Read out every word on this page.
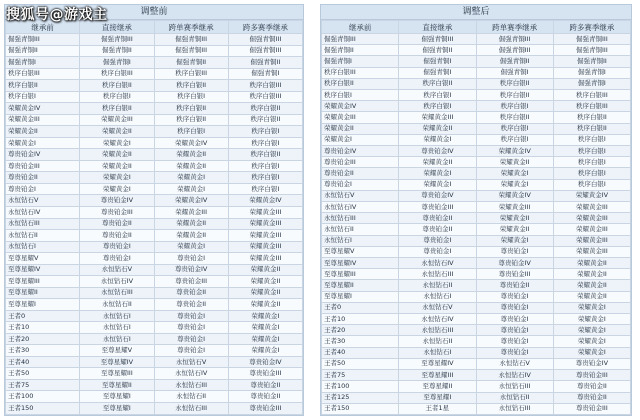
搜狐号@游戏主	调整前
继承前	直接继承	跨单赛季继承	跨多赛季继承
倔强青铜III	倔强青铜III	倔强青铜III	倔强青铜III
倔强青铜II	倔强青铜II	倔强青铜III	倔强青铜III
倔强青铜I	倔强青铜I	倔强青铜II	倔强青铜II
秩序白银III	秩序白银III	秩序白银III	倔强青铜I
秩序白银II	秩序白银II	秩序白银II	秩序白银III
秩序白银I	秩序白银I	秩序白银I	秩序白银III
荣耀黄金IV	秩序白银II	秩序白银II	秩序白银II
荣耀黄金III	荣耀黄金III	秩序白银II	秩序白银II
荣耀黄金II	荣耀黄金II	秩序白银I	秩序白银I
荣耀黄金I	荣耀黄金I	荣耀黄金IV	秩序白银I
尊贵铂金IV	荣耀黄金II	荣耀黄金II	秩序白银II
尊贵铂金III	荣耀黄金II	荣耀黄金II	秩序白银I
尊贵铂金II	荣耀黄金I	荣耀黄金I	秩序白银I
尊贵铂金I	荣耀黄金I	荣耀黄金I	秩序白银I
永恒钻石V	尊贵铂金IV	荣耀黄金IV	荣耀黄金IV
永恒钻石IV	尊贵铂金III	荣耀黄金III	荣耀黄金III
永恒钻石III	尊贵铂金II	荣耀黄金II	荣耀黄金III
永恒钻石II	尊贵铂金II	荣耀黄金II	荣耀黄金III
永恒钻石I	尊贵铂金I	荣耀黄金I	荣耀黄金III
至尊星耀V	尊贵铂金I	尊贵铂金I	荣耀黄金III
至尊星耀IV	永恒钻石V	尊贵铂金IV	荣耀黄金II
至尊星耀III	永恒钻石IV	尊贵铂金III	荣耀黄金II
至尊星耀II	永恒钻石III	尊贵铂金II	荣耀黄金II
至尊星耀I	永恒钻石II	尊贵铂金II	荣耀黄金II
王者0	永恒钻石I	尊贵铂金I	荣耀黄金I
王者10	永恒钻石I	尊贵铂金I	荣耀黄金I
王者20	永恒钻石I	尊贵铂金I	荣耀黄金I
王者30	至尊星耀V	尊贵铂金I	荣耀黄金I
王者40	至尊星耀IV	永恒钻石V	尊贵铂金IV
王者50	至尊星耀III	永恒钻石IV	尊贵铂金III
王者75	至尊星耀II	永恒钻石III	尊贵铂金II
王者100	至尊星耀I	永恒钻石II	尊贵铂金II
王者150	至尊星耀I	永恒钻石III	尊贵铂金III
调整后
继承前	直接继承	跨单赛季继承	跨多赛季继承
倔强青铜III	倔强青铜III	倔强青铜III	倔强青铜III
倔强青铜II	倔强青铜II	倔强青铜III	倔强青铜III
倔强青铜I	倔强青铜I	倔强青铜II	倔强青铜II
秩序白银III	倔强青铜I	倔强青铜I	倔强青铜I
秩序白银II	秩序白银II	秩序白银II	倔强青铜I
秩序白银I	秩序白银I	秩序白银II	秩序白银III
荣耀黄金IV	秩序白银I	秩序白银I	秩序白银III
荣耀黄金III	荣耀黄金III	秩序白银II	秩序白银II
荣耀黄金II	荣耀黄金II	秩序白银I	秩序白银II
荣耀黄金I	荣耀黄金I	秩序白银I	秩序白银I
尊贵铂金IV	尊贵铂金IV	荣耀黄金IV	秩序白银I
尊贵铂金III	荣耀黄金II	荣耀黄金II	秩序白银I
尊贵铂金II	荣耀黄金I	荣耀黄金I	秩序白银I
尊贵铂金I	荣耀黄金I	荣耀黄金I	秩序白银I
永恒钻石V	尊贵铂金IV	荣耀黄金IV	荣耀黄金IV
永恒钻石IV	尊贵铂金III	荣耀黄金III	荣耀黄金III
永恒钻石III	尊贵铂金II	荣耀黄金II	荣耀黄金III
永恒钻石II	尊贵铂金II	荣耀黄金II	荣耀黄金III
永恒钻石I	尊贵铂金I	荣耀黄金I	荣耀黄金III
至尊星耀V	尊贵铂金I	尊贵铂金I	荣耀黄金III
至尊星耀IV	永恒钻石IV	尊贵铂金IV	荣耀黄金II
至尊星耀III	永恒钻石III	尊贵铂金III	荣耀黄金II
至尊星耀II	永恒钻石II	尊贵铂金II	荣耀黄金II
至尊星耀I	永恒钻石I	尊贵铂金I	荣耀黄金II
王者0	永恒钻石V	尊贵铂金I	荣耀黄金I
王者10	永恒钻石IV	尊贵铂金I	荣耀黄金I
王者20	永恒钻石III	尊贵铂金I	荣耀黄金I
王者30	永恒钻石II	尊贵铂金I	荣耀黄金I
王者40	永恒钻石I	尊贵铂金I	荣耀黄金I
王者50	至尊星耀IV	永恒钻石V	尊贵铂金IV
王者75	至尊星耀III	永恒钻石IV	尊贵铂金III
王者100	至尊星耀II	永恒钻石III	尊贵铂金II
王者125	至尊星耀I	永恒钻石II	尊贵铂金II
王者150	王者1星	永恒钻石III	尊贵铂金III
